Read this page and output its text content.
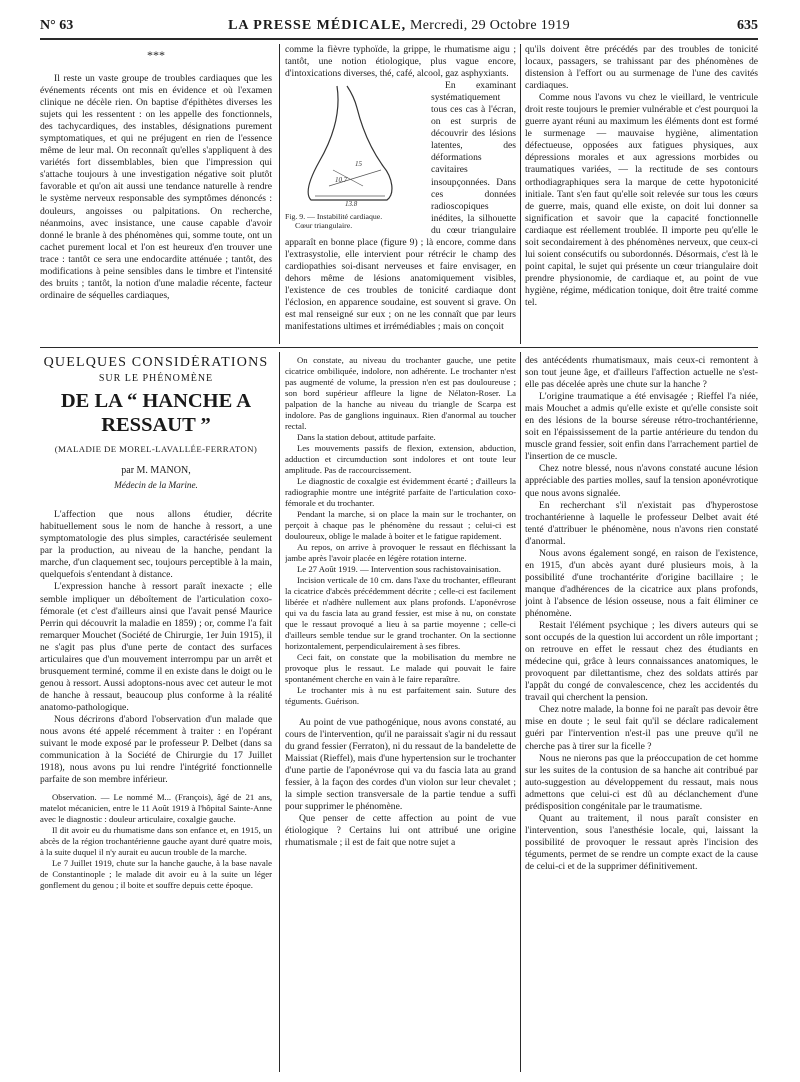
N° 63	LA PRESSE MÉDICALE, Mercredi, 29 Octobre 1919	635
***

Il reste un vaste groupe de troubles cardiaques que les événements récents ont mis en évidence et où l'examen clinique ne décèle rien. On baptise d'épithètes diverses les sujets qui les ressentent : on les appelle des fonctionnels, des tachycardiques, des instables, désignations purement symptomatiques, et qui ne préjugent en rien de l'essence même de leur mal. On reconnaît qu'elles s'appliquent à des variétés fort dissemblables, bien que l'impression qui s'attache toujours à une investigation négative soit plutôt favorable et qu'on ait aussi une tendance naturelle à rendre le système nerveux responsable des symptômes dénoncés : douleurs, angoisses ou palpitations. On recherche, néanmoins, avec insistance, une cause capable d'avoir donné le branle à des phénomènes qui, somme toute, ont un cachet purement local et l'on est heureux d'en trouver une trace : tantôt ce sera une endocardite atténuée ; tantôt, des modifications à peine sensibles dans le timbre et l'intensité des bruits ; tantôt, la notion d'une maladie récente, facteur ordinaire de séquelles cardiaques,

comme la fièvre typhoïde, la grippe, le rhumatisme aigu ; tantôt, une notion étiologique, plus vague encore, d'intoxications diverses, thé, café, alcool, gaz asphyxiants.

15
10.7
13.8
Fig. 9. — Instabilité cardiaque.
Cœur triangulaire.

En examinant systématiquement tous ces cas à l'écran, on est surpris de découvrir des lésions latentes, des déformations cavitaires insoupçonnées. Dans ces données radioscopiques inédites, la silhouette du cœur triangulaire apparaît en bonne place (figure 9) ; là encore, comme dans l'extrasystolie, elle intervient pour rétrécir le champ des cardiopathies soi-disant nerveuses et faire envisager, en dehors même de lésions anatomiquement visibles, l'existence de ces troubles de tonicité cardiaque dont l'éclosion, en apparence soudaine, est souvent si grave. On est mal renseigné sur eux ; on ne les connaît que par leurs manifestations ultimes et irrémédiables ; mais on conçoit

qu'ils doivent être précédés par des troubles de tonicité locaux, passagers, se trahissant par des phénomènes de distension à l'effort ou au surmenage de l'une des cavités cardiaques.

Comme nous l'avons vu chez le vieillard, le ventricule droit reste toujours le premier vulnérable et c'est pourquoi la guerre ayant réuni au maximum les éléments dont est formé le surmenage — mauvaise hygiène, alimentation défectueuse, opposées aux fatigues physiques, aux dépressions morales et aux agressions morbides ou traumatiques variées, — la rectitude de ses contours orthodiagraphiques sera la marque de cette hypotonicité initiale. Tant s'en faut qu'elle soit relevée sur tous les cœurs de guerre, mais, quand elle existe, on doit lui donner sa signification et savoir que la capacité fonctionnelle cardiaque est réellement troublée. Il importe peu qu'elle le soit secondairement à des phénomènes nerveux, que ceux-ci lui soient consécutifs ou subordonnés. Désormais, c'est là le point capital, le sujet qui présente un cœur triangulaire doit prendre physionomie, de cardiaque et, au point de vue hygiène, régime, médication tonique, doit être traité comme tel.

QUELQUES CONSIDÉRATIONS
SUR LE PHÉNOMÈNE
DE LA “ HANCHE A RESSAUT ”
(MALADIE DE MOREL-LAVALLÉE-FERRATON)
par M. MANON,
Médecin de la Marine.

L'affection que nous allons étudier, décrite habituellement sous le nom de hanche à ressort, a une symptomatologie des plus simples, caractérisée seulement par la production, au niveau de la hanche, pendant la marche, d'un claquement sec, toujours perceptible à la main, quelquefois s'entendant à distance.

L'expression hanche à ressort paraît inexacte ; elle semble impliquer un déboîtement de l'articulation coxo-fémorale (et c'est d'ailleurs ainsi que l'avait pensé Maurice Perrin qui découvrit la maladie en 1859) ; or, comme l'a fait remarquer Mouchet (Société de Chirurgie, 1er Juin 1915), il ne s'agit pas plus d'une perte de contact des surfaces articulaires que d'un mouvement interrompu par un arrêt et brusquement terminé, comme il en existe dans le doigt ou le genou à ressort. Aussi adoptons-nous avec cet auteur le mot de hanche à ressaut, beaucoup plus conforme à la réalité anatomo-pathologique.

Nous décrirons d'abord l'observation d'un malade que nous avons été appelé récemment à traiter : en l'opérant suivant le mode exposé par le professeur P. Delbet (dans sa communication à la Société de Chirurgie du 17 Juillet 1918), nous avons pu lui rendre l'intégrité fonctionnelle parfaite de son membre inférieur.

Observation. — Le nommé M... (François), âgé de 21 ans, matelot mécanicien, entre le 11 Août 1919 à l'hôpital Sainte-Anne avec le diagnostic : douleur articulaire, coxalgie gauche.

Il dit avoir eu du rhumatisme dans son enfance et, en 1915, un abcès de la région trochantérienne gauche ayant duré quatre mois, à la suite duquel il n'y aurait eu aucun trouble de la marche.

Le 7 Juillet 1919, chute sur la hanche gauche, à la base navale de Constantinople ; le malade dit avoir eu à la suite un léger gonflement du genou ; il boite et souffre depuis cette époque.

On constate, au niveau du trochanter gauche, une petite cicatrice ombiliquée, indolore, non adhérente. Le trochanter n'est pas augmenté de volume, la pression n'en est pas douloureuse ; son bord supérieur affleure la ligne de Nélaton-Roser. La palpation de la hanche au niveau du triangle de Scarpa est indolore. Pas de ganglions inguinaux. Rien d'anormal au toucher rectal.

Dans la station debout, attitude parfaite.

Les mouvements passifs de flexion, extension, abduction, adduction et circumduction sont indolores et ont toute leur amplitude. Pas de raccourcissement.

Le diagnostic de coxalgie est évidemment écarté ; d'ailleurs la radiographie montre une intégrité parfaite de l'articulation coxo-fémorale et du trochanter.

Pendant la marche, si on place la main sur le trochanter, on perçoit à chaque pas le phénomène du ressaut ; celui-ci est douloureux, oblige le malade à boiter et le fatigue rapidement.

Au repos, on arrive à provoquer le ressaut en fléchissant la jambe après l'avoir placée en légère rotation interne.

Le 27 Août 1919. — Intervention sous rachistovainisation.

Incision verticale de 10 cm. dans l'axe du trochanter, effleurant la cicatrice d'abcès précédemment décrite ; celle-ci est facilement libérée et n'adhère nullement aux plans profonds. L'aponévrose qui va du fascia lata au grand fessier, est mise à nu, on constate que le ressaut provoqué a lieu à sa partie moyenne ; celle-ci d'ailleurs semble tendue sur le grand trochanter. On la sectionne horizontalement, perpendiculairement à ses fibres.

Ceci fait, on constate que la mobilisation du membre ne provoque plus le ressaut. Le malade qui pouvait le faire spontanément cherche en vain à le faire reparaître.

Le trochanter mis à nu est parfaitement sain. Suture des téguments. Guérison.

Au point de vue pathogénique, nous avons constaté, au cours de l'intervention, qu'il ne paraissait s'agir ni du ressaut du grand fessier (Ferraton), ni du ressaut de la bandelette de Maissiat (Rieffel), mais d'une hypertension sur le trochanter d'une partie de l'aponévrose qui va du fascia lata au grand fessier, à la façon des cordes d'un violon sur leur chevalet ; la simple section transversale de la partie tendue a suffi pour supprimer le phénomène.

Que penser de cette affection au point de vue étiologique ? Certains lui ont attribué une origine rhumatismale ; il est de fait que notre sujet a

des antécédents rhumatismaux, mais ceux-ci remontent à son tout jeune âge, et d'ailleurs l'affection actuelle ne s'est-elle pas décelée après une chute sur la hanche ?

L'origine traumatique a été envisagée ; Rieffel l'a niée, mais Mouchet a admis qu'elle existe et qu'elle consiste soit en des lésions de la bourse séreuse rétro-trochantérienne, soit en l'épaississement de la partie antérieure du tendon du muscle grand fessier, soit enfin dans l'arrachement partiel de l'insertion de ce muscle.

Chez notre blessé, nous n'avons constaté aucune lésion appréciable des parties molles, sauf la tension aponévrotique que nous avons signalée.

En recherchant s'il n'existait pas d'hyperostose trochantérienne à laquelle le professeur Delbet avait été tenté d'attribuer le phénomène, nous n'avons rien constaté d'anormal.

Nous avons également songé, en raison de l'existence, en 1915, d'un abcès ayant duré plusieurs mois, à la possibilité d'une trochantérite d'origine bacillaire ; le manque d'adhérences de la cicatrice aux plans profonds, joint à l'absence de lésion osseuse, nous a fait éliminer ce phénomène.

Restait l'élément psychique ; les divers auteurs qui se sont occupés de la question lui accordent un rôle important ; on retrouve en effet le ressaut chez des étudiants en médecine qui, grâce à leurs connaissances anatomiques, le provoquent par dilettantisme, chez des soldats attirés par l'appât du congé de convalescence, chez les accidentés du travail qui cherchent la pension.

Chez notre malade, la bonne foi ne paraît pas devoir être mise en doute ; le seul fait qu'il se déclare radicalement guéri par l'intervention n'est-il pas une preuve qu'il ne cherche pas à tirer sur la ficelle ?

Nous ne nierons pas que la préoccupation de cet homme sur les suites de la contusion de sa hanche ait contribué par auto-suggestion au développement du ressaut, mais nous admettons que celui-ci est dû au déclanchement d'une prédisposition congénitale par le traumatisme.

Quant au traitement, il nous paraît consister en l'intervention, sous l'anesthésie locale, qui, laissant la possibilité de provoquer le ressaut après l'incision des téguments, permet de se rendre un compte exact de la cause de celui-ci et de la supprimer définitivement.
